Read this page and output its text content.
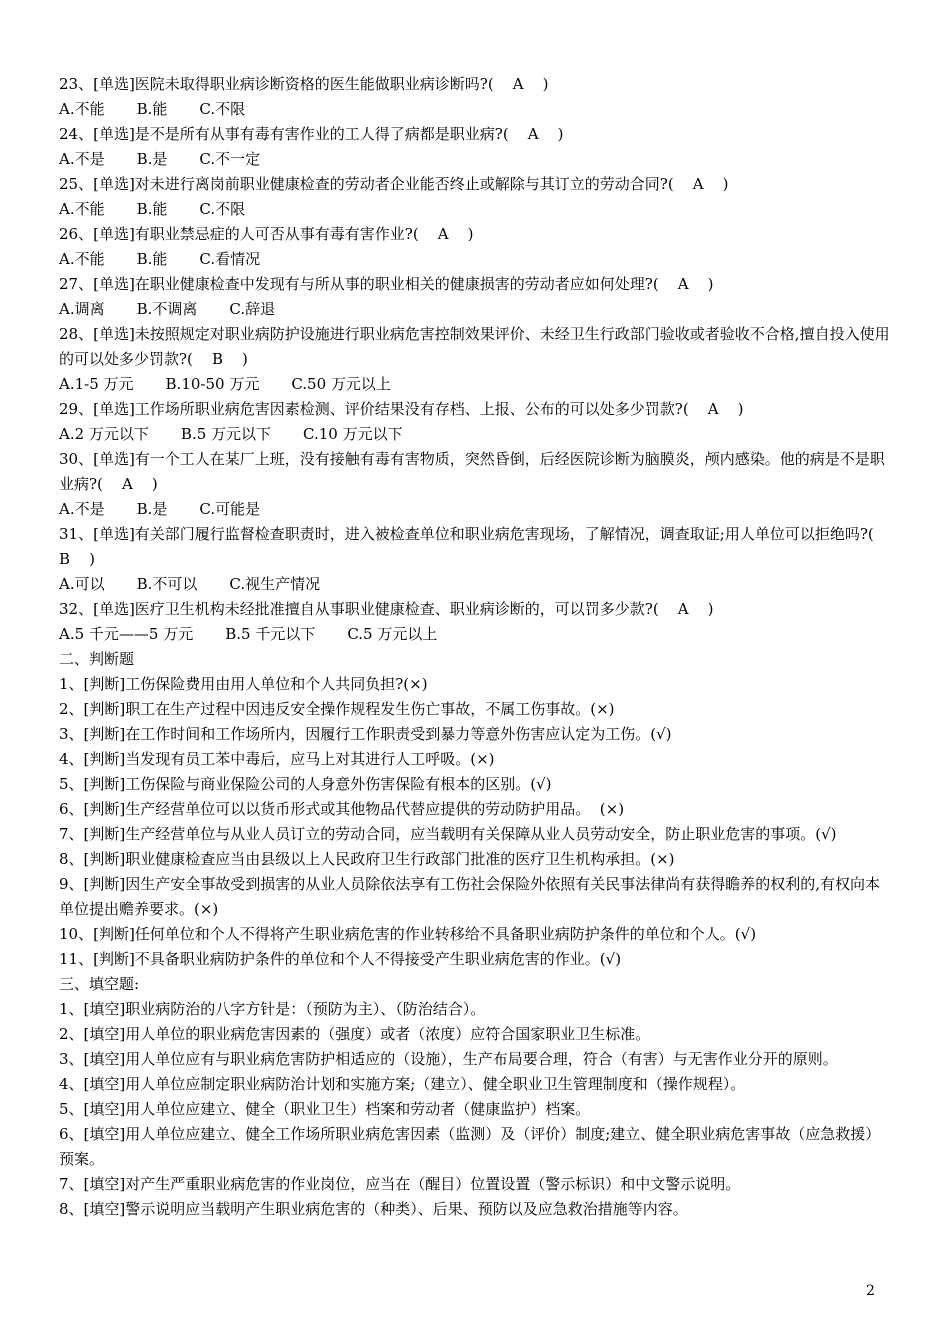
23、[单选]医院未取得职业病诊断资格的医生能做职业病诊断吗?(    A    )

A.不能 B.能 C.不限

24、[单选]是不是所有从事有毒有害作业的工人得了病都是职业病?(    A    )

A.不是 B.是 C.不一定

25、[单选]对未进行离岗前职业健康检查的劳动者企业能否终止或解除与其订立的劳动合同?(    A    )

A.不能 B.能 C.不限

26、[单选]有职业禁忌症的人可否从事有毒有害作业?(    A    )

A.不能 B.能 C.看情况

27、[单选]在职业健康检查中发现有与所从事的职业相关的健康损害的劳动者应如何处理?(    A    )

A.调离 B.不调离 C.辞退

28、[单选]未按照规定对职业病防护设施进行职业病危害控制效果评价、未经卫生行政部门验收或者验收不合格,擅自投入使用的可以处多少罚款?(    B    )

A.1-5 万元 B.10-50 万元 C.50 万元以上

29、[单选]工作场所职业病危害因素检测、评价结果没有存档、上报、公布的可以处多少罚款?(    A    )

A.2 万元以下 B.5 万元以下 C.10 万元以下

30、[单选]有一个工人在某厂上班，没有接触有毒有害物质，突然昏倒，后经医院诊断为脑膜炎，颅内感染。他的病是不是职业病?(    A    )

A.不是 B.是 C.可能是

31、[单选]有关部门履行监督检查职责时，进入被检查单位和职业病危害现场，了解情况，调查取证;用人单位可以拒绝吗?(    B    )

A.可以 B.不可以 C.视生产情况

32、[单选]医疗卫生机构未经批准擅自从事职业健康检查、职业病诊断的，可以罚多少款?(    A    )

A.5 千元——5 万元 B.5 千元以下 C.5 万元以上

二、判断题

1、[判断]工伤保险费用由用人单位和个人共同负担?(×)

2、[判断]职工在生产过程中因违反安全操作规程发生伤亡事故，不属工伤事故。(×)

3、[判断]在工作时间和工作场所内，因履行工作职责受到暴力等意外伤害应认定为工伤。(√)

4、[判断]当发现有员工苯中毒后，应马上对其进行人工呼吸。(×)

5、[判断]工伤保险与商业保险公司的人身意外伤害保险有根本的区别。(√)

6、[判断]生产经营单位可以以货币形式或其他物品代替应提供的劳动防护用品。  (×)

7、[判断]生产经营单位与从业人员订立的劳动合同，应当载明有关保障从业人员劳动安全，防止职业危害的事项。(√)

8、[判断]职业健康检查应当由县级以上人民政府卫生行政部门批准的医疗卫生机构承担。(×)

9、[判断]因生产安全事故受到损害的从业人员除依法享有工伤社会保险外依照有关民事法律尚有获得瞻养的权利的,有权向本单位提出赡养要求。(×)

10、[判断]任何单位和个人不得将产生职业病危害的作业转移给不具备职业病防护条件的单位和个人。(√)

11、[判断]不具备职业病防护条件的单位和个人不得接受产生职业病危害的作业。(√)

三、填空题:

1、[填空]职业病防治的八字方针是：（预防为主）、（防治结合）。

2、[填空]用人单位的职业病危害因素的（强度）或者（浓度）应符合国家职业卫生标准。

3、[填空]用人单位应有与职业病危害防护相适应的（设施），生产布局要合理，符合（有害）与无害作业分开的原则。

4、[填空]用人单位应制定职业病防治计划和实施方案;（建立）、健全职业卫生管理制度和（操作规程）。

5、[填空]用人单位应建立、健全（职业卫生）档案和劳动者（健康监护）档案。

6、[填空]用人单位应建立、健全工作场所职业病危害因素（监测）及（评价）制度;建立、健全职业病危害事故（应急救援）预案。

7、[填空]对产生严重职业病危害的作业岗位，应当在（醒目）位置设置（警示标识）和中文警示说明。

8、[填空]警示说明应当载明产生职业病危害的（种类）、后果、预防以及应急救治措施等内容。

2
